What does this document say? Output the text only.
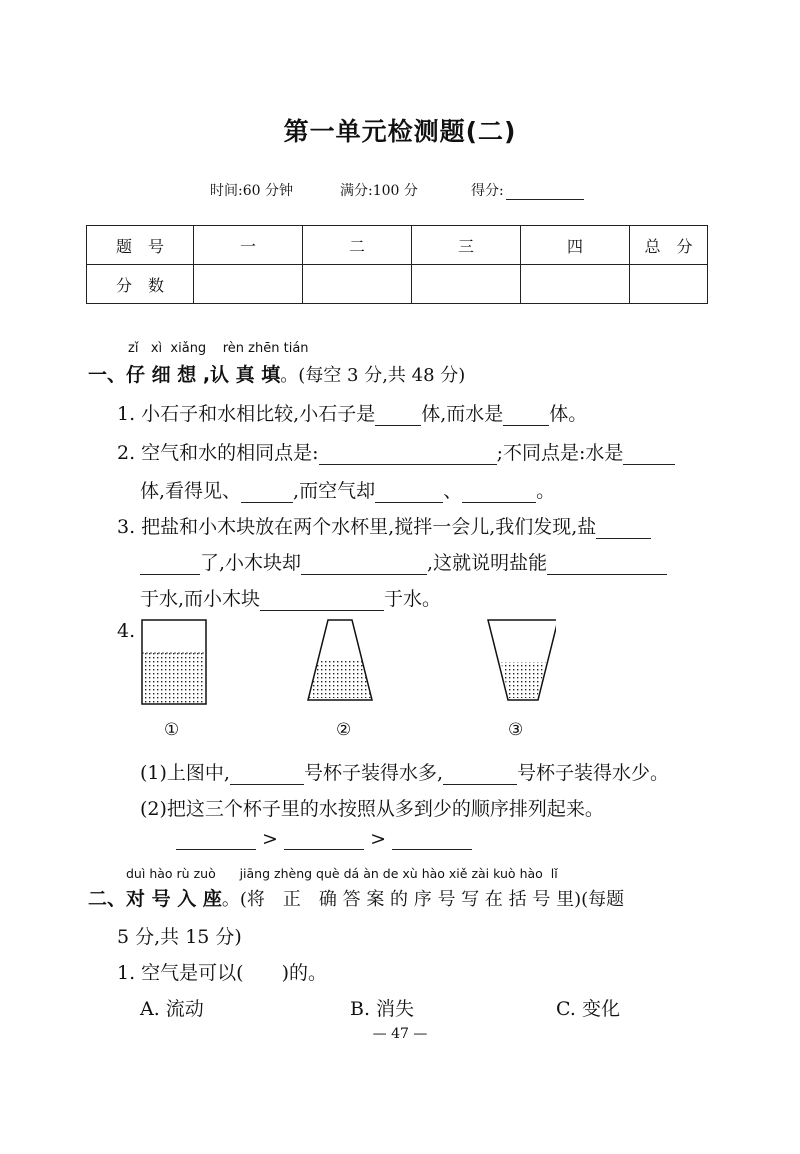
第一单元检测题(二)
时间:60 分钟	满分:100 分	得分:
题　号	一	二	三	四	总　分
分　数					
zǐ xì xiǎng rèn zhēn tián
一、仔 细 想 ,认 真 填。(每空 3 分,共 48 分)
1. 小石子和水相比较,小石子是 体,而水是 体。
2. 空气和水的相同点是:	;不同点是:水是
体,看得见、	,而空气却	、	。
3. 把盐和小木块放在两个水杯里,搅拌一会儿,我们发现,盐
了,小木块却	,这就说明盐能
于水,而小木块	于水。
4.
①	②	③
(1)上图中,	号杯子装得水多,	号杯子装得水少。
(2)把这三个杯子里的水按照从多到少的顺序排列起来。
>	>
duì hào rù zuò jiāng zhèng què dá àn de xù hào xiě zài kuò hào lǐ
二、对 号 入 座。(将　正　确 答 案 的 序 号 写 在 括 号 里)(每题
5 分,共 15 分)
1. 空气是可以(　　)的。
A. 流动	B. 消失	C. 变化
— 47 —
